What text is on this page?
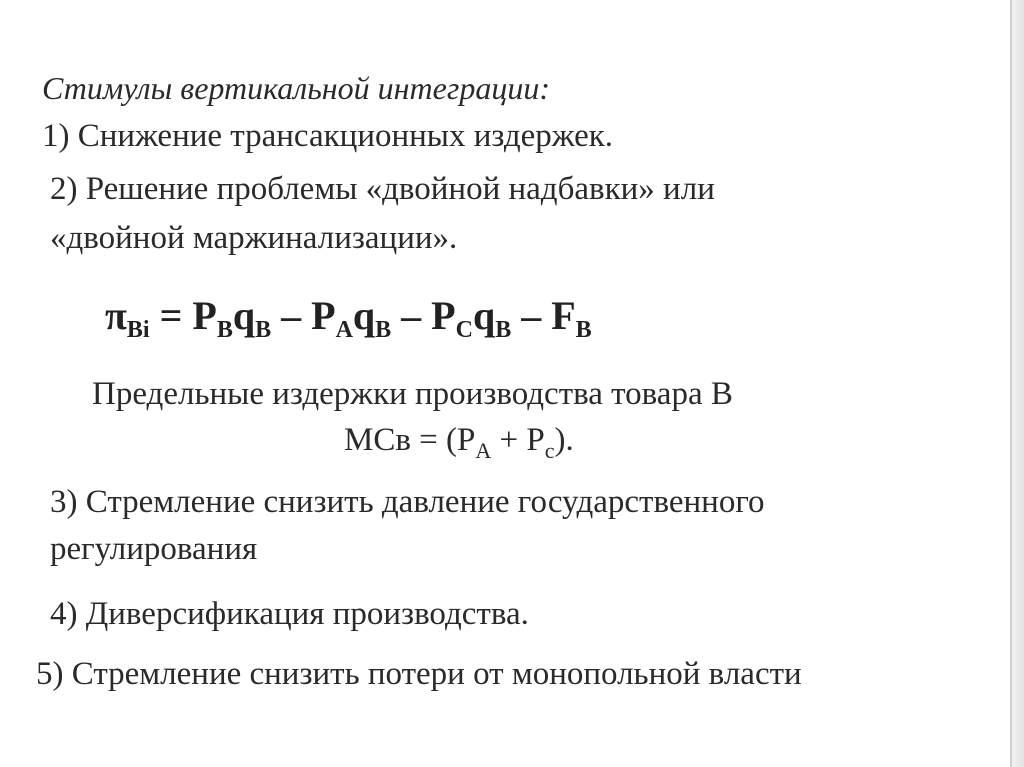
Стимулы вертикальной интеграции:
1) Снижение трансакционных издержек.
2) Решение проблемы «двойной надбавки» или
«двойной маржинализации».
$\pi_{Bi} = P_Bq_B - P_Aq_B - P_Cq_B - F_B$
Предельные издержки производства товара В
МСв = $(Р_А + Р_с)$.
3) Стремление снизить давление государственного
регулирования
4) Диверсификация производства.
5) Стремление снизить потери от монопольной власти
